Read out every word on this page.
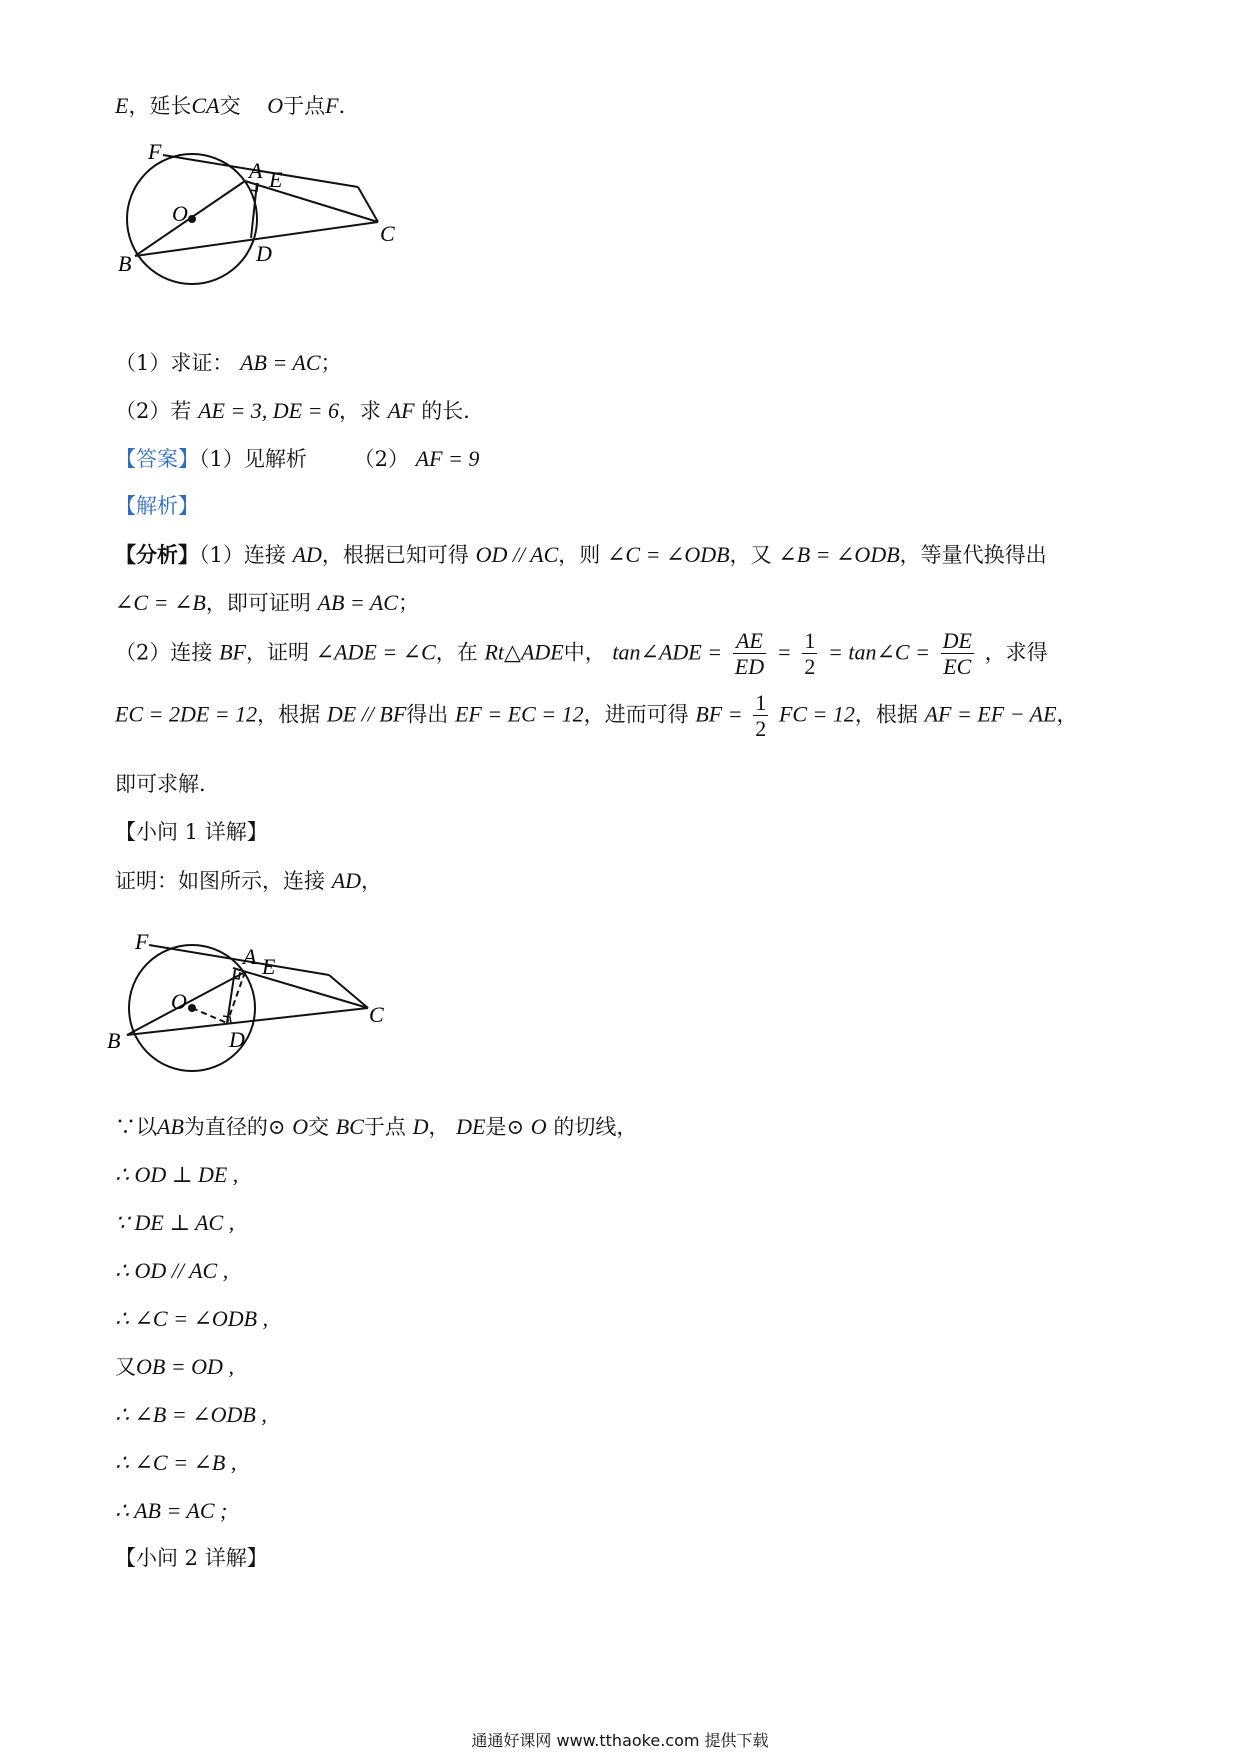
E，延长CA交 O于点F．
F
A E
O
B	D
C
（1）求证： AB = AC；
（2）若 AE = 3, DE = 6，求 AF 的长．
【答案】（1）见解析 （2） AF = 9
【解析】
【分析】（1）连接 AD，根据已知可得 OD // AC，则 ∠C = ∠ODB，又 ∠B = ∠ODB，等量代换得出
∠C = ∠B，即可证明 AB = AC；
（2）连接 BF，证明 ∠ADE = ∠C，在 Rt△ADE中， tan∠ADE = $\frac{AE}{ED} = \frac{1}{2}$ = tan∠C = $\frac{DE}{EC}$ ，求得
EC = 2DE = 12，根据 DE // BF得出 EF = EC = 12，进而可得 BF = $\frac{1}{2}$ FC = 12，根据 AF = EF − AE，
即可求解．
【小问 1 详解】
证明：如图所示，连接 AD，
F
A E
O
B	D
C
∵以AB为直径的⊙ O交 BC于点 D， DE是⊙ O 的切线，
∴ OD ⊥ DE ,
∵ DE ⊥ AC ,
∴ OD // AC ,
∴ ∠C = ∠ODB ,
又OB = OD ,
∴ ∠B = ∠ODB ,
∴ ∠C = ∠B ,
∴ AB = AC ;
【小问 2 详解】
通通好课网 www.tthaoke.com 提供下载
